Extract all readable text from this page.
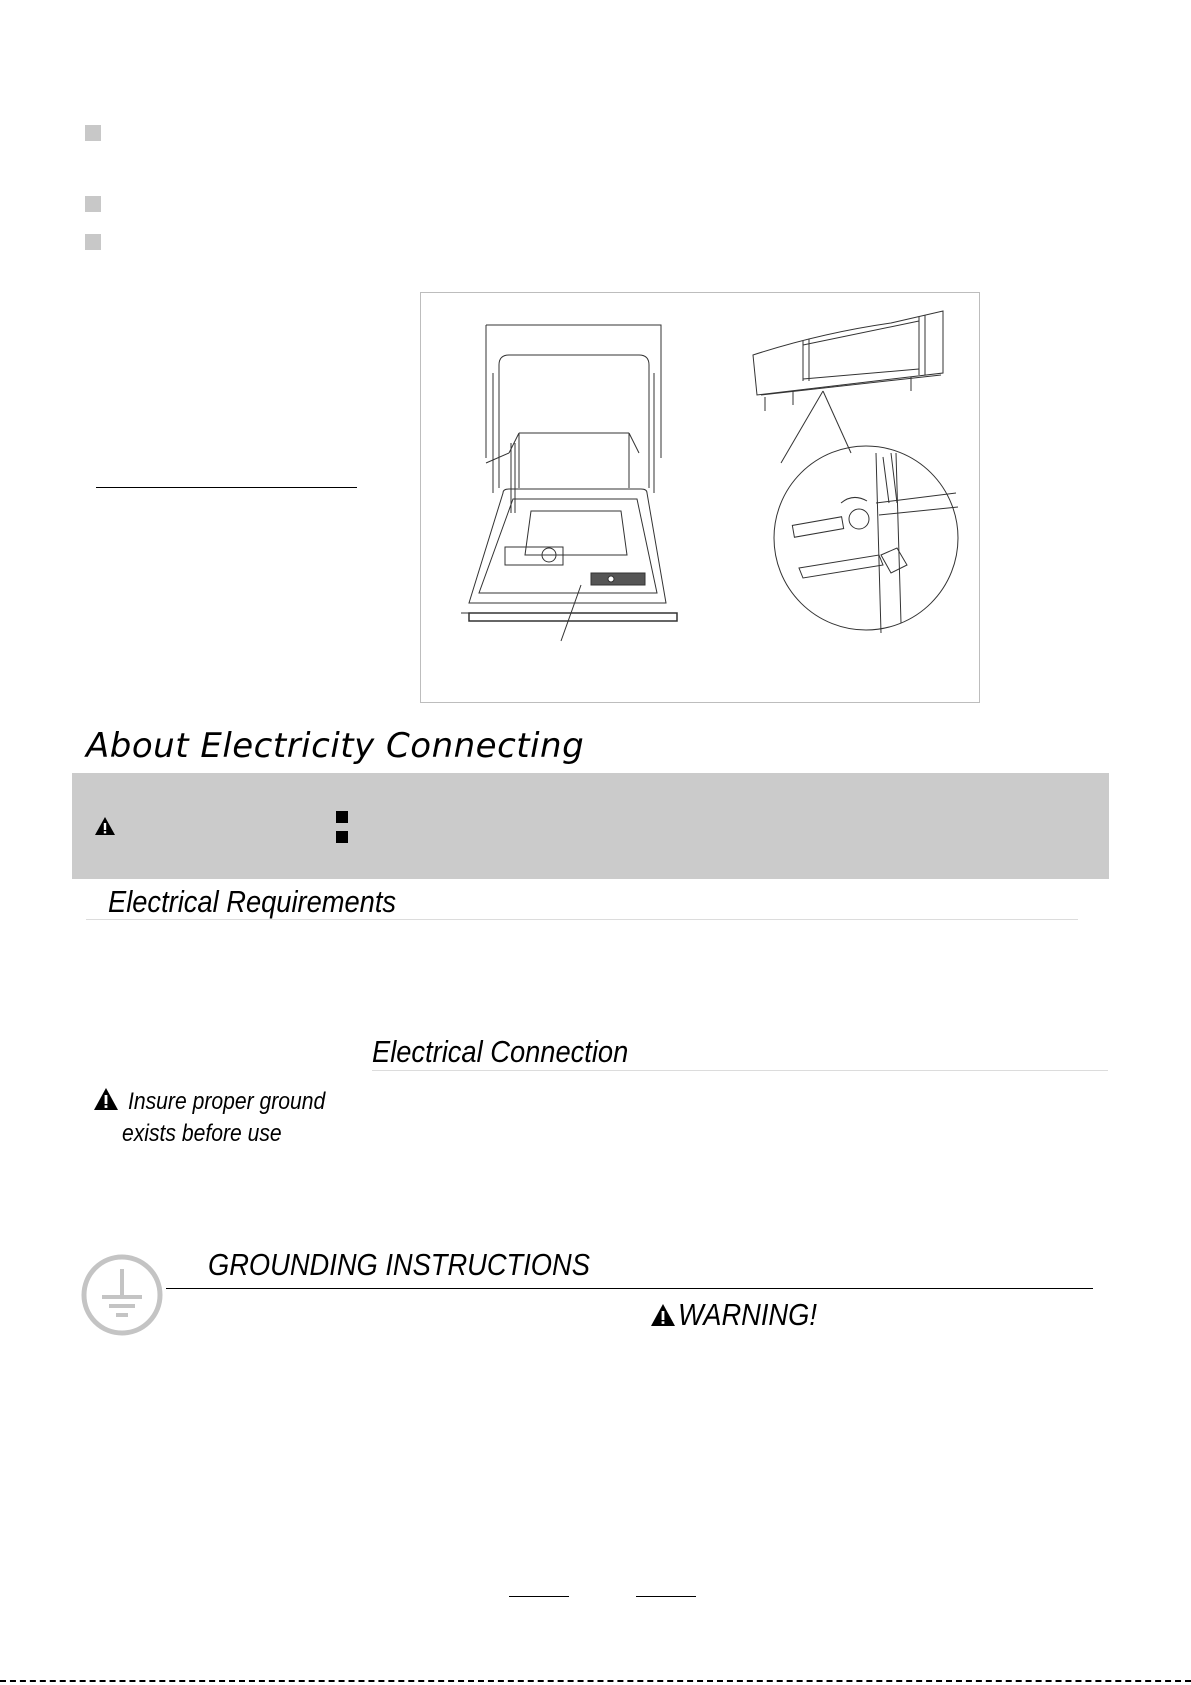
About Electricity Connecting
Electrical Requirements
Electrical Connection
Insure proper ground
exists before use
GROUNDING INSTRUCTIONS
WARNING!
